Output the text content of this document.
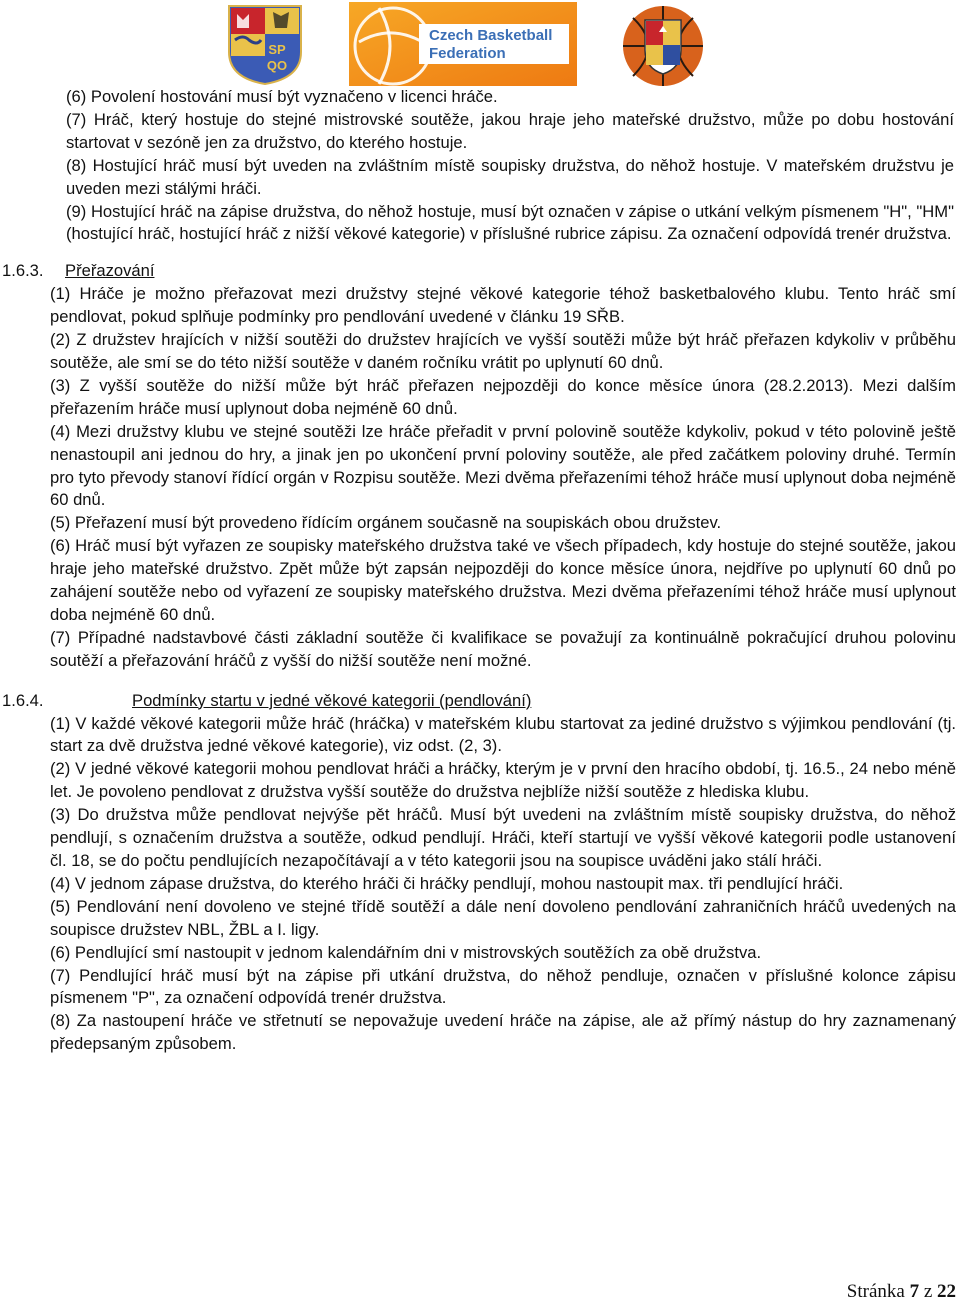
SP
QO
Czech Basketball
Federation

(6) Povolení hostování musí být vyznačeno v licenci hráče.

(7) Hráč, který hostuje do stejné mistrovské soutěže, jakou hraje jeho mateřské družstvo, může po dobu hostování startovat v sezóně jen za družstvo, do kterého hostuje.

(8) Hostující hráč musí být uveden na zvláštním místě soupisky družstva, do něhož hostuje. V mateřském družstvu je uveden mezi stálými hráči.

(9) Hostující hráč na zápise družstva, do něhož hostuje, musí být označen v zápise o utkání velkým písmenem "H", "HM" (hostující hráč, hostující hráč z nižší věkové kategorie) v příslušné rubrice zápisu. Za označení odpovídá trenér družstva.

1.6.3. Přeřazování

(1) Hráče je možno přeřazovat mezi družstvy stejné věkové kategorie téhož basketbalového klubu. Tento hráč smí pendlovat, pokud splňuje podmínky pro pendlování uvedené v článku 19 SŘB.

(2) Z družstev hrajících v nižší soutěži do družstev hrajících ve vyšší soutěži může být hráč přeřazen kdykoliv v průběhu soutěže, ale smí se do této nižší soutěže v daném ročníku vrátit po uplynutí 60 dnů.

(3) Z vyšší soutěže do nižší může být hráč přeřazen nejpozději do konce měsíce února (28.2.2013). Mezi dalším přeřazením hráče musí uplynout doba nejméně 60 dnů.

(4) Mezi družstvy klubu ve stejné soutěži lze hráče přeřadit v první polovině soutěže kdykoliv, pokud v této polovině ještě nenastoupil ani jednou do hry, a jinak jen po ukončení první poloviny soutěže, ale před začátkem poloviny druhé. Termín pro tyto převody stanoví řídící orgán v Rozpisu soutěže. Mezi dvěma přeřazeními téhož hráče musí uplynout doba nejméně 60 dnů.

(5) Přeřazení musí být provedeno řídícím orgánem současně na soupiskách obou družstev.

(6) Hráč musí být vyřazen ze soupisky mateřského družstva také ve všech případech, kdy hostuje do stejné soutěže, jakou hraje jeho mateřské družstvo. Zpět může být zapsán nejpozději do konce měsíce února, nejdříve po uplynutí 60 dnů po zahájení soutěže nebo od vyřazení ze soupisky mateřského družstva. Mezi dvěma přeřazeními téhož hráče musí uplynout doba nejméně 60 dnů.

(7) Případné nadstavbové části základní soutěže či kvalifikace se považují za kontinuálně pokračující druhou polovinu soutěží a přeřazování hráčů z vyšší do nižší soutěže není možné.

1.6.4.	Podmínky startu v jedné věkové kategorii (pendlování)

(1) V každé věkové kategorii může hráč (hráčka) v mateřském klubu startovat za jediné družstvo s výjimkou pendlování (tj. start za dvě družstva jedné věkové kategorie), viz odst. (2, 3).

(2) V jedné věkové kategorii mohou pendlovat hráči a hráčky, kterým je v první den hracího období, tj. 16.5., 24 nebo méně let. Je povoleno pendlovat z družstva vyšší soutěže do družstva nejblíže nižší soutěže z hlediska klubu.

(3) Do družstva může pendlovat nejvýše pět hráčů. Musí být uvedeni na zvláštním místě soupisky družstva, do něhož pendlují, s označením družstva a soutěže, odkud pendlují. Hráči, kteří startují ve vyšší věkové kategorii podle ustanovení čl. 18, se do počtu pendlujících nezapočítávají a v této kategorii jsou na soupisce uváděni jako stálí hráči.

(4) V jednom zápase družstva, do kterého hráči či hráčky pendlují, mohou nastoupit max. tři pendlující hráči.

(5) Pendlování není dovoleno ve stejné třídě soutěží a dále není dovoleno pendlování zahraničních hráčů uvedených na soupisce družstev NBL, ŽBL a I. ligy.

(6) Pendlující smí nastoupit v jednom kalendářním dni v mistrovských soutěžích za obě družstva.

(7) Pendlující hráč musí být na zápise při utkání družstva, do něhož pendluje, označen v příslušné kolonce zápisu písmenem "P", za označení odpovídá trenér družstva.

(8) Za nastoupení hráče ve střetnutí se nepovažuje uvedení hráče na zápise, ale až přímý nástup do hry zaznamenaný předepsaným způsobem.

Stránka 7 z 22
